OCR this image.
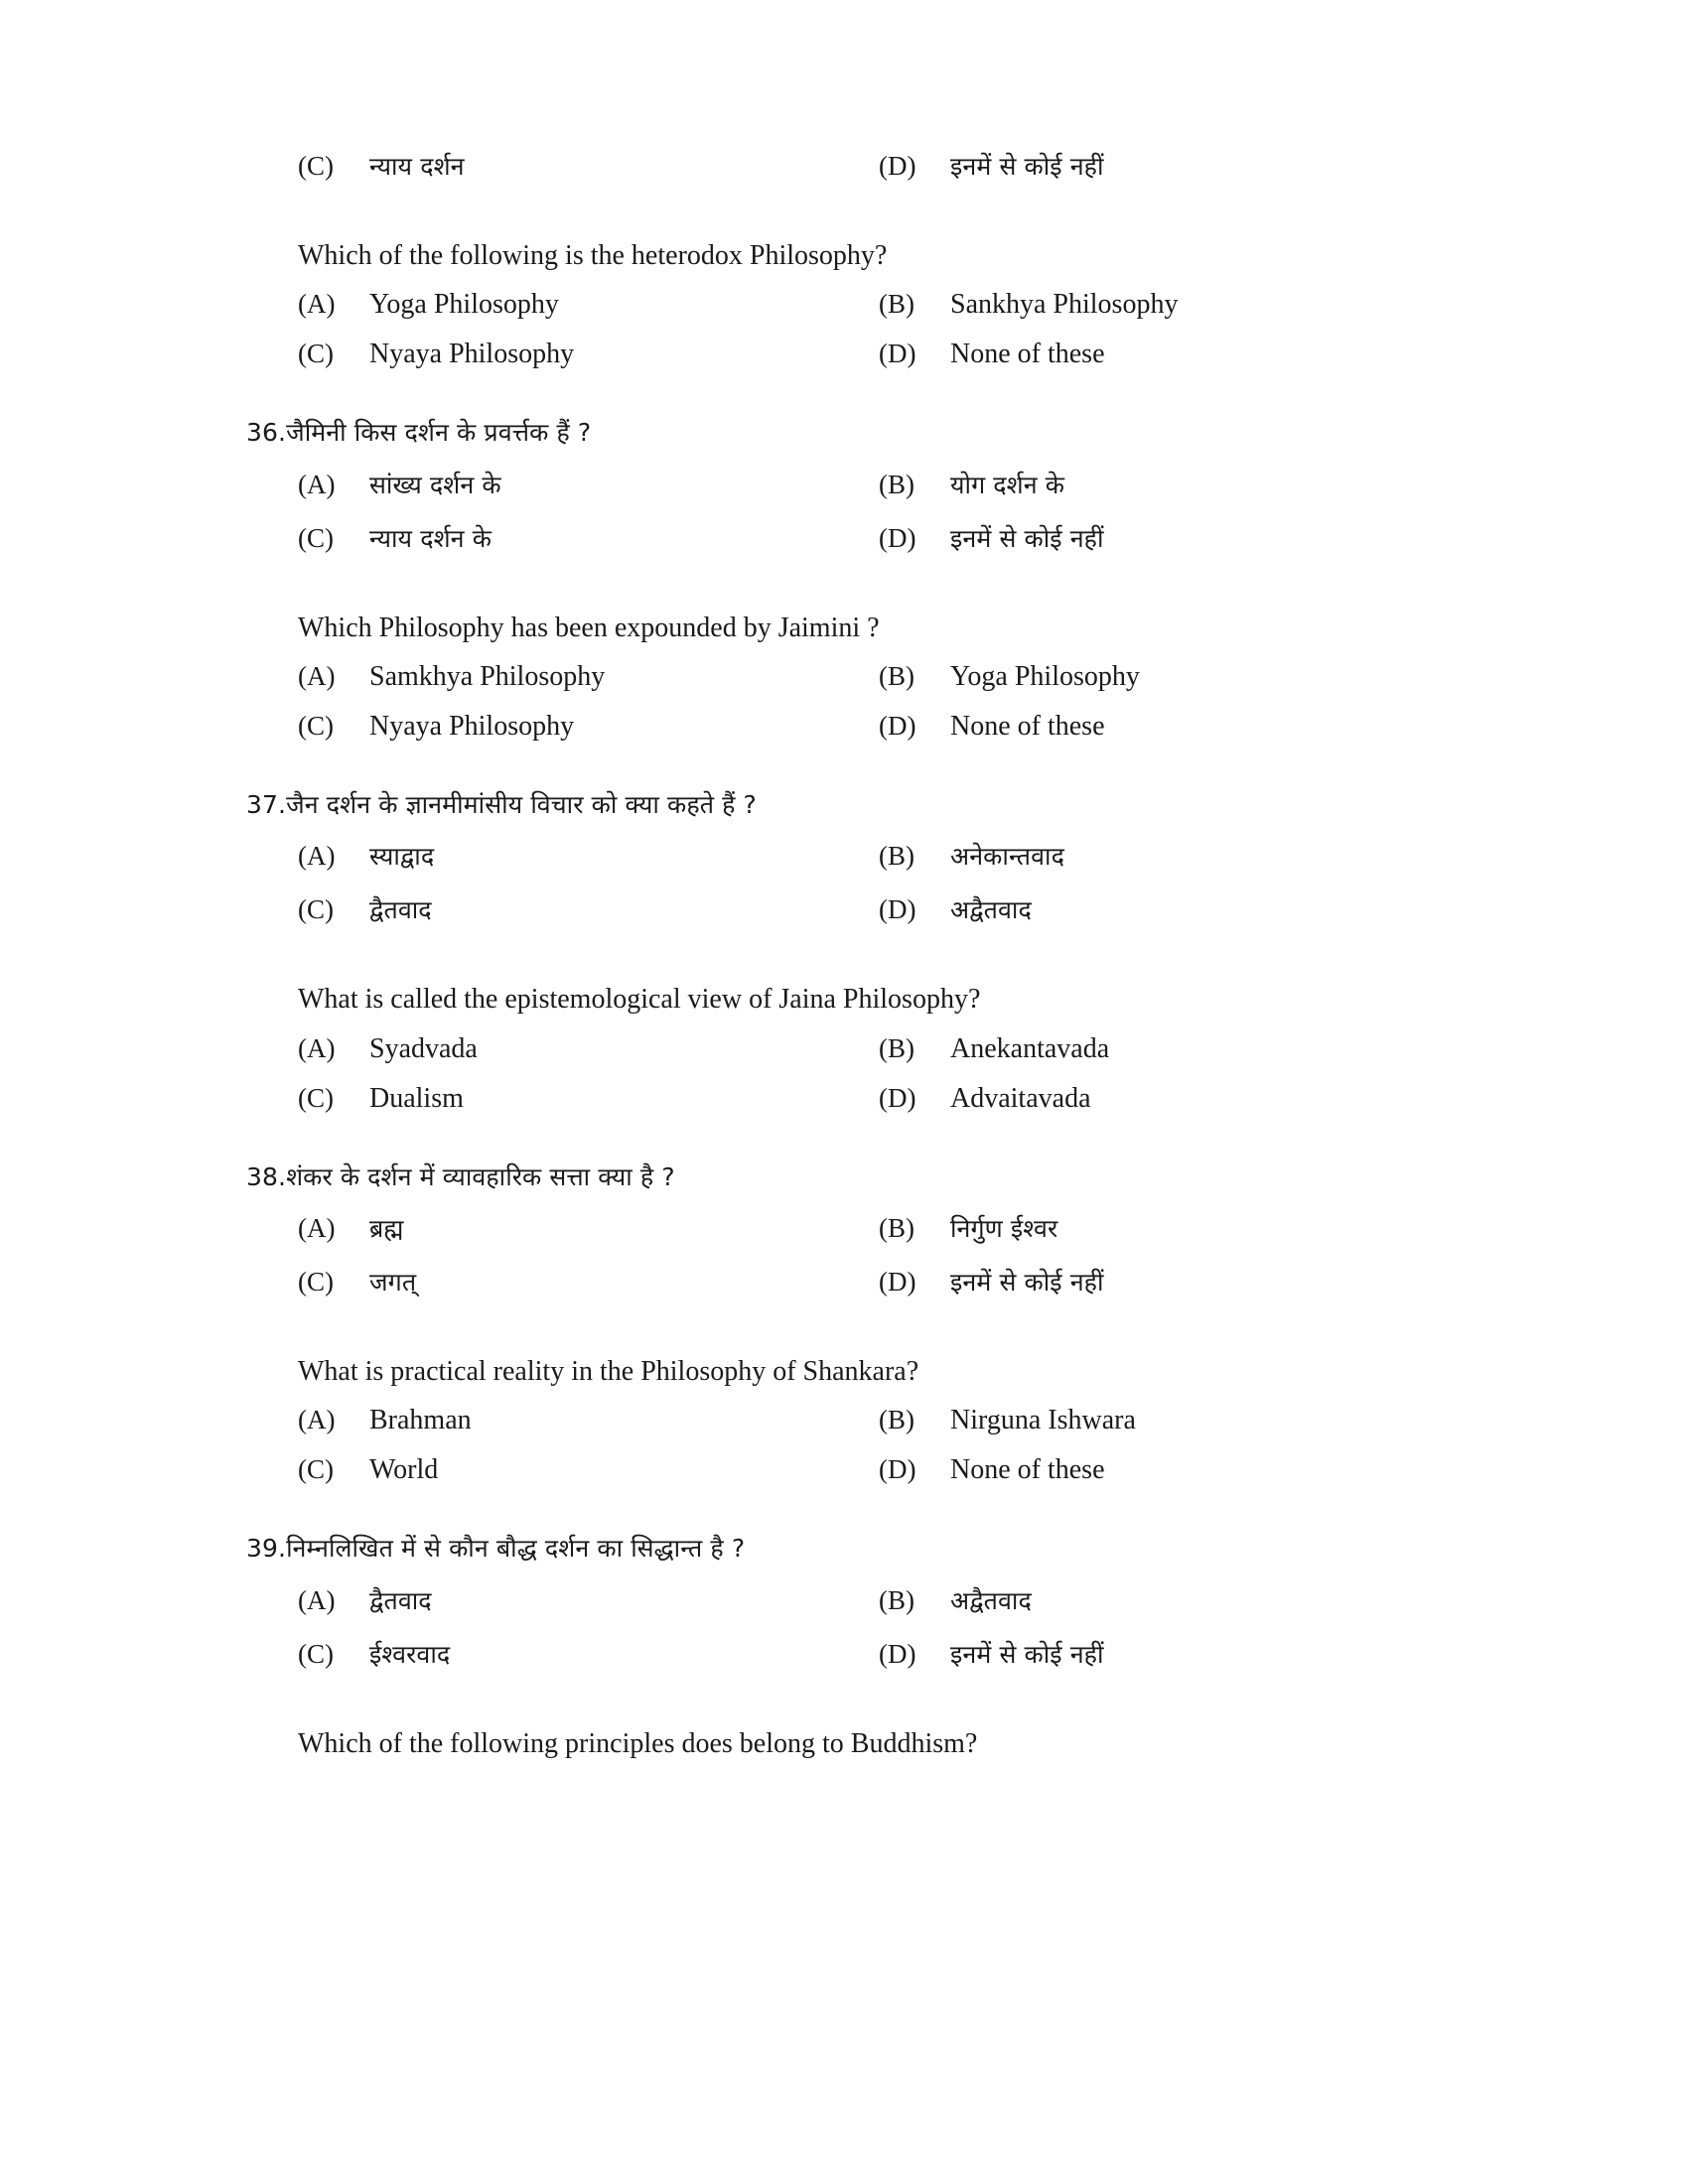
(C)	न्याय दर्शन	(D)	इनमें से कोई नहीं
Which of the following is the heterodox Philosophy?
(A)	Yoga Philosophy	(B)	Sankhya Philosophy
(C)	Nyaya Philosophy	(D)	None of these
36.जैमिनी किस दर्शन के प्रवर्त्तक हैं ?
(A)	सांख्य दर्शन के	(B)	योग दर्शन के
(C)	न्याय दर्शन के	(D)	इनमें से कोई नहीं
Which Philosophy has been expounded by Jaimini ?
(A)	Samkhya Philosophy	(B)	Yoga Philosophy
(C)	Nyaya Philosophy	(D)	None of these
37.जैन दर्शन के ज्ञानमीमांसीय विचार को क्या कहते हैं ?
(A)	स्याद्वाद	(B)	अनेकान्तवाद
(C)	द्वैतवाद	(D)	अद्वैतवाद
What is called the epistemological view of Jaina Philosophy?
(A)	Syadvada	(B)	Anekantavada
(C)	Dualism	(D)	Advaitavada
38.शंकर के दर्शन में व्यावहारिक सत्ता क्या है ?
(A)	ब्रह्म	(B)	निर्गुण ईश्वर
(C)	जगत्	(D)	इनमें से कोई नहीं
What is practical reality in the Philosophy of Shankara?
(A)	Brahman	(B)	Nirguna Ishwara
(C)	World	(D)	None of these
39.निम्नलिखित में से कौन बौद्ध दर्शन का सिद्धान्त है ?
(A)	द्वैतवाद	(B)	अद्वैतवाद
(C)	ईश्वरवाद	(D)	इनमें से कोई नहीं
Which of the following principles does belong to Buddhism?
